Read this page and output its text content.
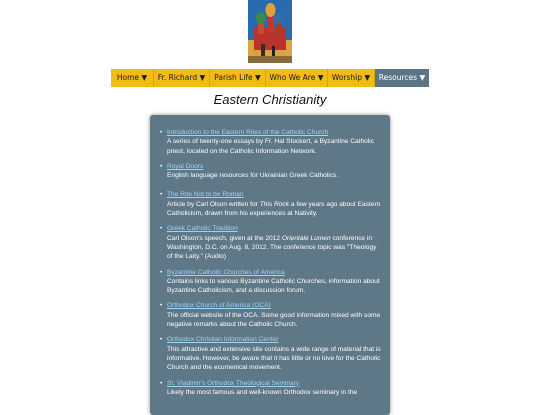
Home ▼	Fr. Richard ▼	Parish Life ▼	Who We Are ▼	Worship ▼	Resources ▼
Eastern Christianity
• Introduction to the Eastern Rites of the Catholic Church
A series of twenty-one essays by Fr. Hal Stockert, a Byzantine Catholic priest, located on the Catholic Information Network.
• Royal Doors
English language resources for Ukrainian Greek Catholics.
• The Rite Not to be Roman
Article by Carl Olson written for This Rock a few years ago about Eastern Catholicism, drawn from his experiences at Nativity.
• Greek Catholic Tradition
Carl Olson's speech, given at the 2012 Orientale Lumen conference in Washington, D.C. on Aug. 8, 2012. The conference topic was "Theology of the Laity." (Audio)
• Byzantine Catholic Churches of America
Contains links to various Byzantine Catholic Churches, information about Byzantine Catholicism, and a discussion forum.
• Orthodox Church of America (OCA)
The official website of the OCA. Some good information mixed with some negative remarks about the Catholic Church.
• Orthodox Christian Information Center
This attractive and extensive site contains a wide range of material that is informative. However, be aware that it has little or no love for the Catholic Church and the ecumenical movement.
• St. Vladimir's Orthodox Theological Seminary
Likely the most famous and well-known Orthodox seminary in the
